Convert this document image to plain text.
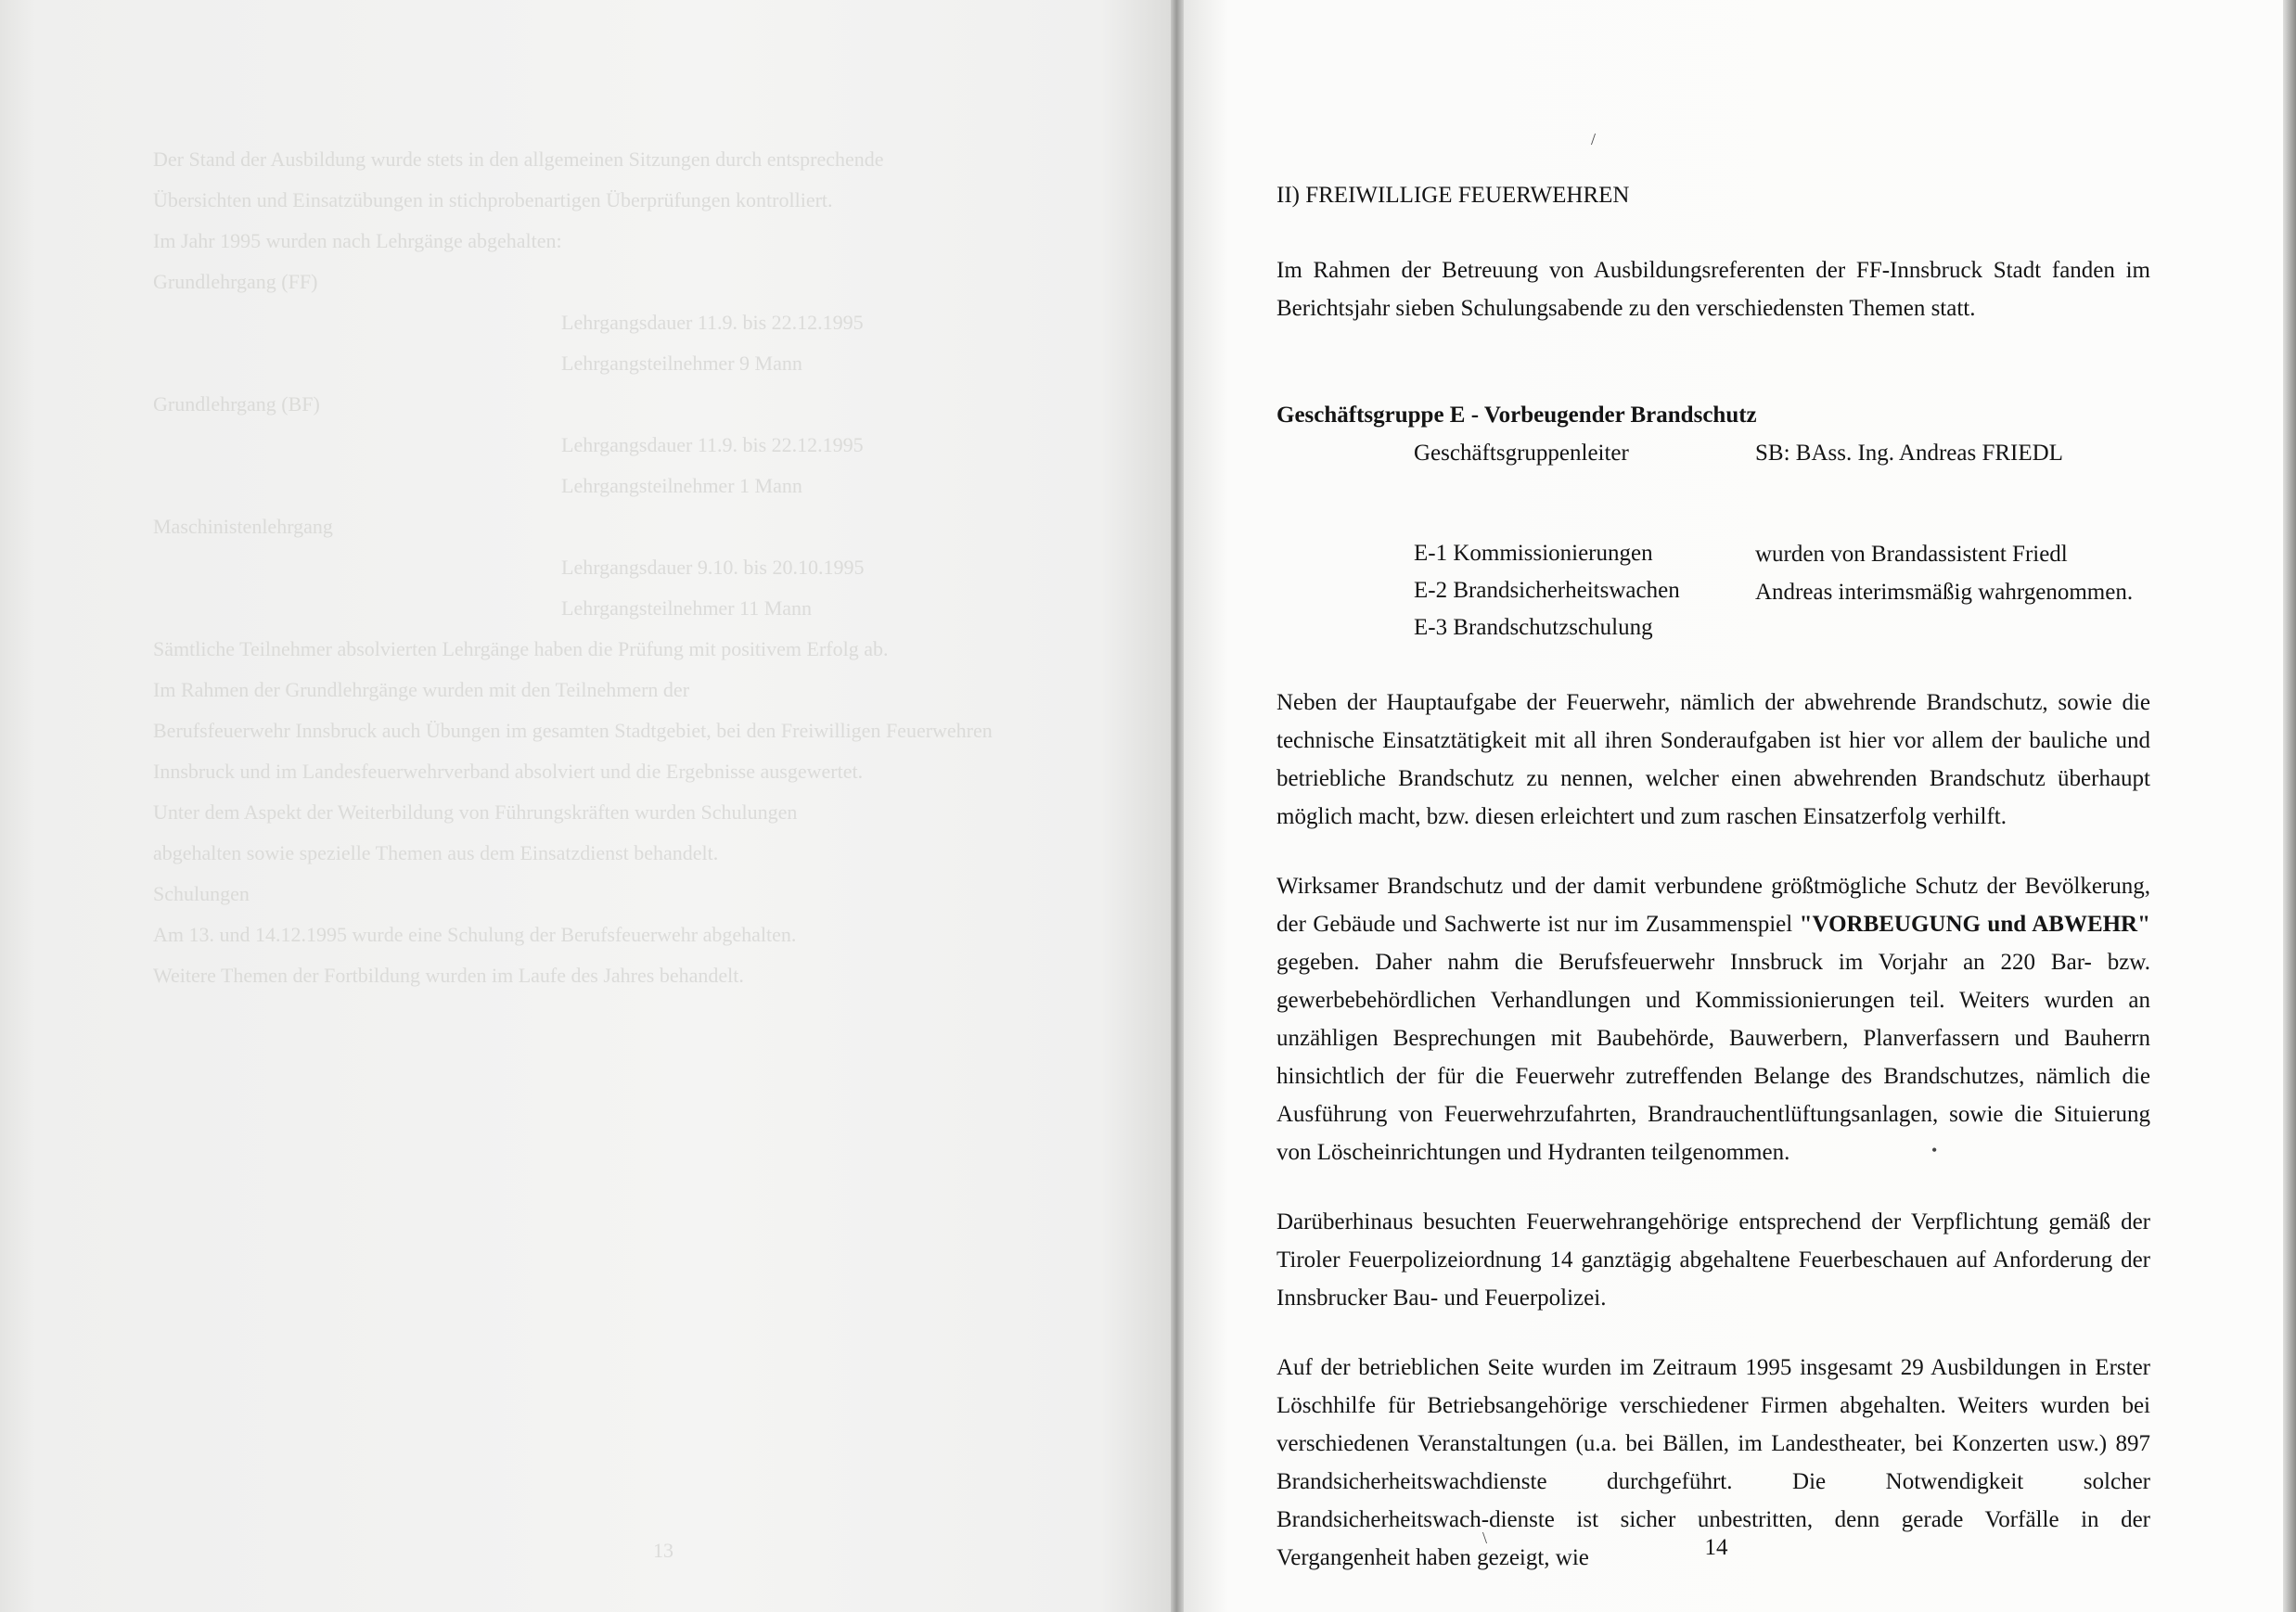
Der Stand der Ausbildung wurde stets in den allgemeinen Sitzungen durch entsprechende
Übersichten und Einsatzübungen in stichprobenartigen Überprüfungen kontrolliert.
Im Jahr 1995 wurden nach Lehrgänge abgehalten:
Grundlehrgang (FF)
Lehrgangsdauer 11.9. bis 22.12.1995
Lehrgangsteilnehmer 9 Mann
Grundlehrgang (BF)
Lehrgangsdauer 11.9. bis 22.12.1995
Lehrgangsteilnehmer 1 Mann
Maschinistenlehrgang
Lehrgangsdauer 9.10. bis 20.10.1995
Lehrgangsteilnehmer 11 Mann
Sämtliche Teilnehmer absolvierten Lehrgänge haben die Prüfung mit positivem Erfolg ab.
Im Rahmen der Grundlehrgänge wurden mit den Teilnehmern der
Berufsfeuerwehr Innsbruck auch Übungen im gesamten Stadtgebiet, bei den Freiwilligen Feuerwehren
Innsbruck und im Landesfeuerwehrverband absolviert und die Ergebnisse ausgewertet.
Unter dem Aspekt der Weiterbildung von Führungskräften wurden Schulungen
abgehalten sowie spezielle Themen aus dem Einsatzdienst behandelt.
Schulungen
Am 13. und 14.12.1995 wurde eine Schulung der Berufsfeuerwehr abgehalten.
Weitere Themen der Fortbildung wurden im Laufe des Jahres behandelt.
13
II) FREIWILLIGE FEUERWEHREN

Im Rahmen der Betreuung von Ausbildungsreferenten der FF-Innsbruck Stadt fanden im Berichtsjahr sieben Schulungsabende zu den verschiedensten Themen statt.

Geschäftsgruppe E - Vorbeugender Brandschutz
Geschäftsgruppenleiter	SB: BAss. Ing. Andreas FRIEDL
E-1 Kommissionierungen
E-2 Brandsicherheitswachen
E-3 Brandschutzschulung
wurden von Brandassistent Friedl Andreas interimsmäßig wahrgenommen.

Neben der Hauptaufgabe der Feuerwehr, nämlich der abwehrende Brandschutz, sowie die technische Einsatztätigkeit mit all ihren Sonderaufgaben ist hier vor allem der bauliche und betriebliche Brandschutz zu nennen, welcher einen abwehrenden Brandschutz überhaupt möglich macht, bzw. diesen erleichtert und zum raschen Einsatzerfolg verhilft.

Wirksamer Brandschutz und der damit verbundene größtmögliche Schutz der Bevölkerung, der Gebäude und Sachwerte ist nur im Zusammenspiel "VORBEUGUNG und ABWEHR" gegeben. Daher nahm die Berufsfeuerwehr Innsbruck im Vorjahr an 220 Bar- bzw. gewerbebehördlichen Verhandlungen und Kommissionierungen teil. Weiters wurden an unzähligen Besprechungen mit Baubehörde, Bauwerbern, Planverfassern und Bauherrn hinsichtlich der für die Feuerwehr zutreffenden Belange des Brandschutzes, nämlich die Ausführung von Feuerwehrzufahrten, Brandrauchentlüftungsanlagen, sowie die Situierung von Löscheinrichtungen und Hydranten teilgenommen.

Darüberhinaus besuchten Feuerwehrangehörige entsprechend der Verpflichtung gemäß der Tiroler Feuerpolizeiordnung 14 ganztägig abgehaltene Feuerbeschauen auf Anforderung der Innsbrucker Bau- und Feuerpolizei.

Auf der betrieblichen Seite wurden im Zeitraum 1995 insgesamt 29 Ausbildungen in Erster Löschhilfe für Betriebsangehörige verschiedener Firmen abgehalten. Weiters wurden bei verschiedenen Veranstaltungen (u.a. bei Bällen, im Landestheater, bei Konzerten usw.) 897 Brandsicherheitswachdienste durchgeführt. Die Notwendigkeit solcher Brandsicherheitswach-dienste ist sicher unbestritten, denn gerade Vorfälle in der Vergangenheit haben gezeigt, wie	14
/
\
•
